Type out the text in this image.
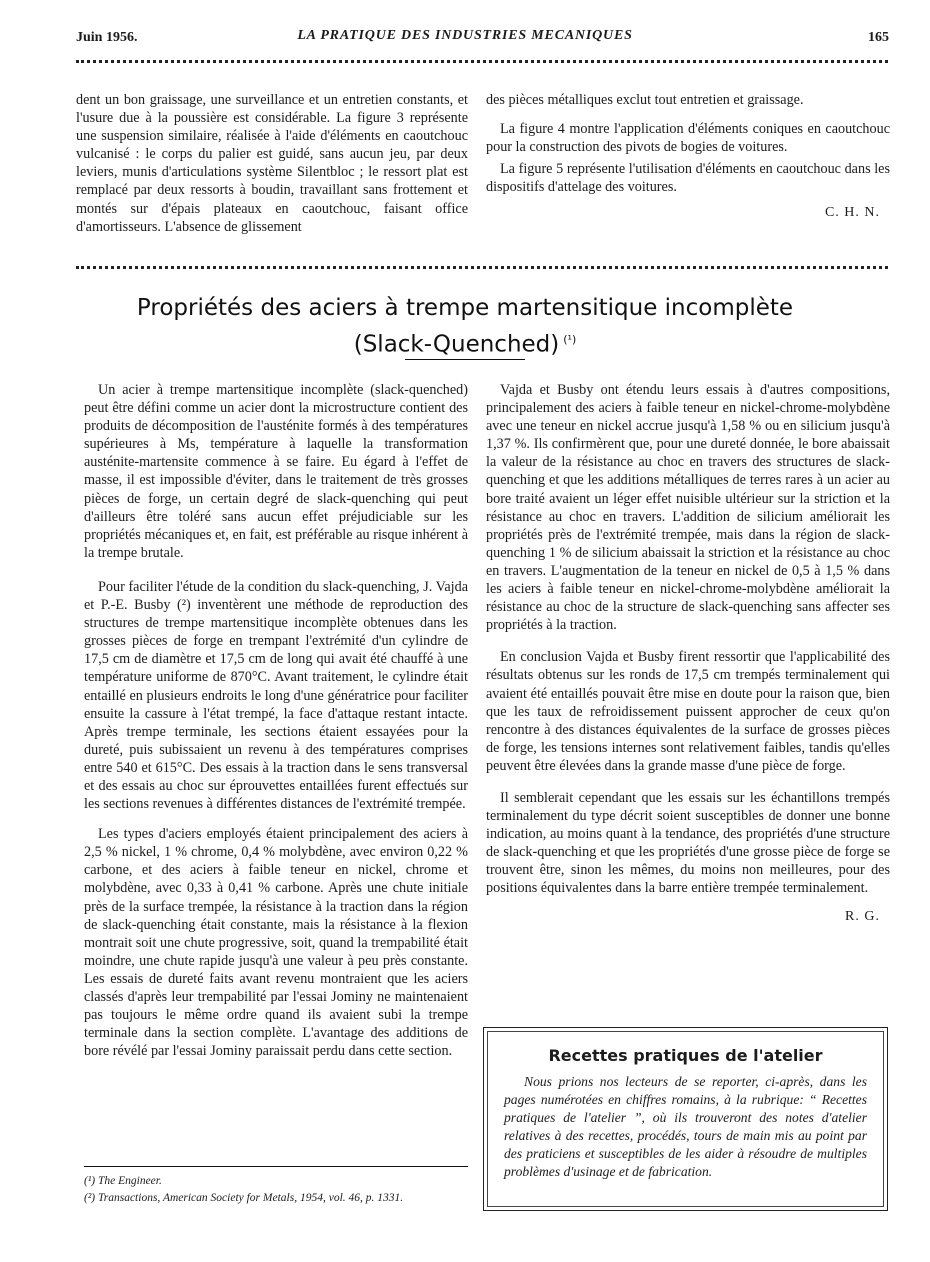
Juin 1956.	LA PRATIQUE DES INDUSTRIES MECANIQUES	165

dent un bon graissage, une surveillance et un entretien constants, et l'usure due à la poussière est considérable. La figure 3 représente une suspension similaire, réalisée à l'aide d'éléments en caoutchouc vulcanisé : le corps du palier est guidé, sans aucun jeu, par deux leviers, munis d'articulations système Silentbloc ; le ressort plat est remplacé par deux ressorts à boudin, travaillant sans frottement et montés sur d'épais plateaux en caoutchouc, faisant office d'amortisseurs. L'absence de glissement

des pièces métalliques exclut tout entretien et graissage.

La figure 4 montre l'application d'éléments coniques en caoutchouc pour la construction des pivots de bogies de voitures.

La figure 5 représente l'utilisation d'éléments en caoutchouc dans les dispositifs d'attelage des voitures.

C. H. N.
Propriétés des aciers à trempe martensitique incomplète
(Slack-Quenched) $^{(^1)}$

Un acier à trempe martensitique incomplète (slack-quenched) peut être défini comme un acier dont la microstructure contient des produits de décomposition de l'austénite formés à des températures supérieures à Ms, température à laquelle la transformation austénite-martensite commence à se faire. Eu égard à l'effet de masse, il est impossible d'éviter, dans le traitement de très grosses pièces de forge, un certain degré de slack-quenching qui peut d'ailleurs être toléré sans aucun effet préjudiciable sur les propriétés mécaniques et, en fait, est préférable au risque inhérent à la trempe brutale.

Pour faciliter l'étude de la condition du slack-quenching, J. Vajda et P.-E. Busby (²) inventèrent une méthode de reproduction des structures de trempe martensitique incomplète obtenues dans les grosses pièces de forge en trempant l'extrémité d'un cylindre de 17,5 cm de diamètre et 17,5 cm de long qui avait été chauffé à une température uniforme de 870°C. Avant traitement, le cylindre était entaillé en plusieurs endroits le long d'une génératrice pour faciliter ensuite la cassure à l'état trempé, la face d'attaque restant intacte. Après trempe terminale, les sections étaient essayées pour la dureté, puis subissaient un revenu à des températures comprises entre 540 et 615°C. Des essais à la traction dans le sens transversal et des essais au choc sur éprouvettes entaillées furent effectués sur les sections revenues à différentes distances de l'extrémité trempée.

Les types d'aciers employés étaient principalement des aciers à 2,5 % nickel, 1 % chrome, 0,4 % molybdène, avec environ 0,22 % carbone, et des aciers à faible teneur en nickel, chrome et molybdène, avec 0,33 à 0,41 % carbone. Après une chute initiale près de la surface trempée, la résistance à la traction dans la région de slack-quenching était constante, mais la résistance à la flexion montrait soit une chute progressive, soit, quand la trempabilité était moindre, une chute rapide jusqu'à une valeur à peu près constante. Les essais de dureté faits avant revenu montraient que les aciers classés d'après leur trempabilité par l'essai Jominy ne maintenaient pas toujours le même ordre quand ils avaient subi la trempe terminale dans la section complète. L'avantage des additions de bore révélé par l'essai Jominy paraissait perdu dans cette section.

Vajda et Busby ont étendu leurs essais à d'autres compositions, principalement des aciers à faible teneur en nickel-chrome-molybdène avec une teneur en nickel accrue jusqu'à 1,58 % ou en silicium jusqu'à 1,37 %. Ils confirmèrent que, pour une dureté donnée, le bore abaissait la valeur de la résistance au choc en travers des structures de slack-quenching et que les additions métalliques de terres rares à un acier au bore traité avaient un léger effet nuisible ultérieur sur la striction et la résistance au choc en travers. L'addition de silicium améliorait les propriétés près de l'extrémité trempée, mais dans la région de slack-quenching 1 % de silicium abaissait la striction et la résistance au choc en travers. L'augmentation de la teneur en nickel de 0,5 à 1,5 % dans les aciers à faible teneur en nickel-chrome-molybdène améliorait la résistance au choc de la structure de slack-quenching sans affecter ses propriétés à la traction.

En conclusion Vajda et Busby firent ressortir que l'applicabilité des résultats obtenus sur les ronds de 17,5 cm trempés terminalement qui avaient été entaillés pouvait être mise en doute pour la raison que, bien que les taux de refroidissement puissent approcher de ceux qu'on rencontre à des distances équivalentes de la surface de grosses pièces de forge, les tensions internes sont relativement faibles, tandis qu'elles peuvent être élevées dans la grande masse d'une pièce de forge.

Il semblerait cependant que les essais sur les échantillons trempés terminalement du type décrit soient susceptibles de donner une bonne indication, au moins quant à la tendance, des propriétés d'une structure de slack-quenching et que les propriétés d'une grosse pièce de forge se trouvent être, sinon les mêmes, du moins non meilleures, pour des positions équivalentes dans la barre entière trempée terminalement.

R. G.
(¹) The Engineer.
(²) Transactions, American Society for Metals, 1954, vol. 46, p. 1331.
Recettes pratiques de l'atelier
Nous prions nos lecteurs de se reporter, ci-après, dans les pages numérotées en chiffres romains, à la rubrique: “ Recettes pratiques de l'atelier ”, où ils trouveront des notes d'atelier relatives à des recettes, procédés, tours de main mis au point par des praticiens et susceptibles de les aider à résoudre de multiples problèmes d'usinage et de fabrication.
